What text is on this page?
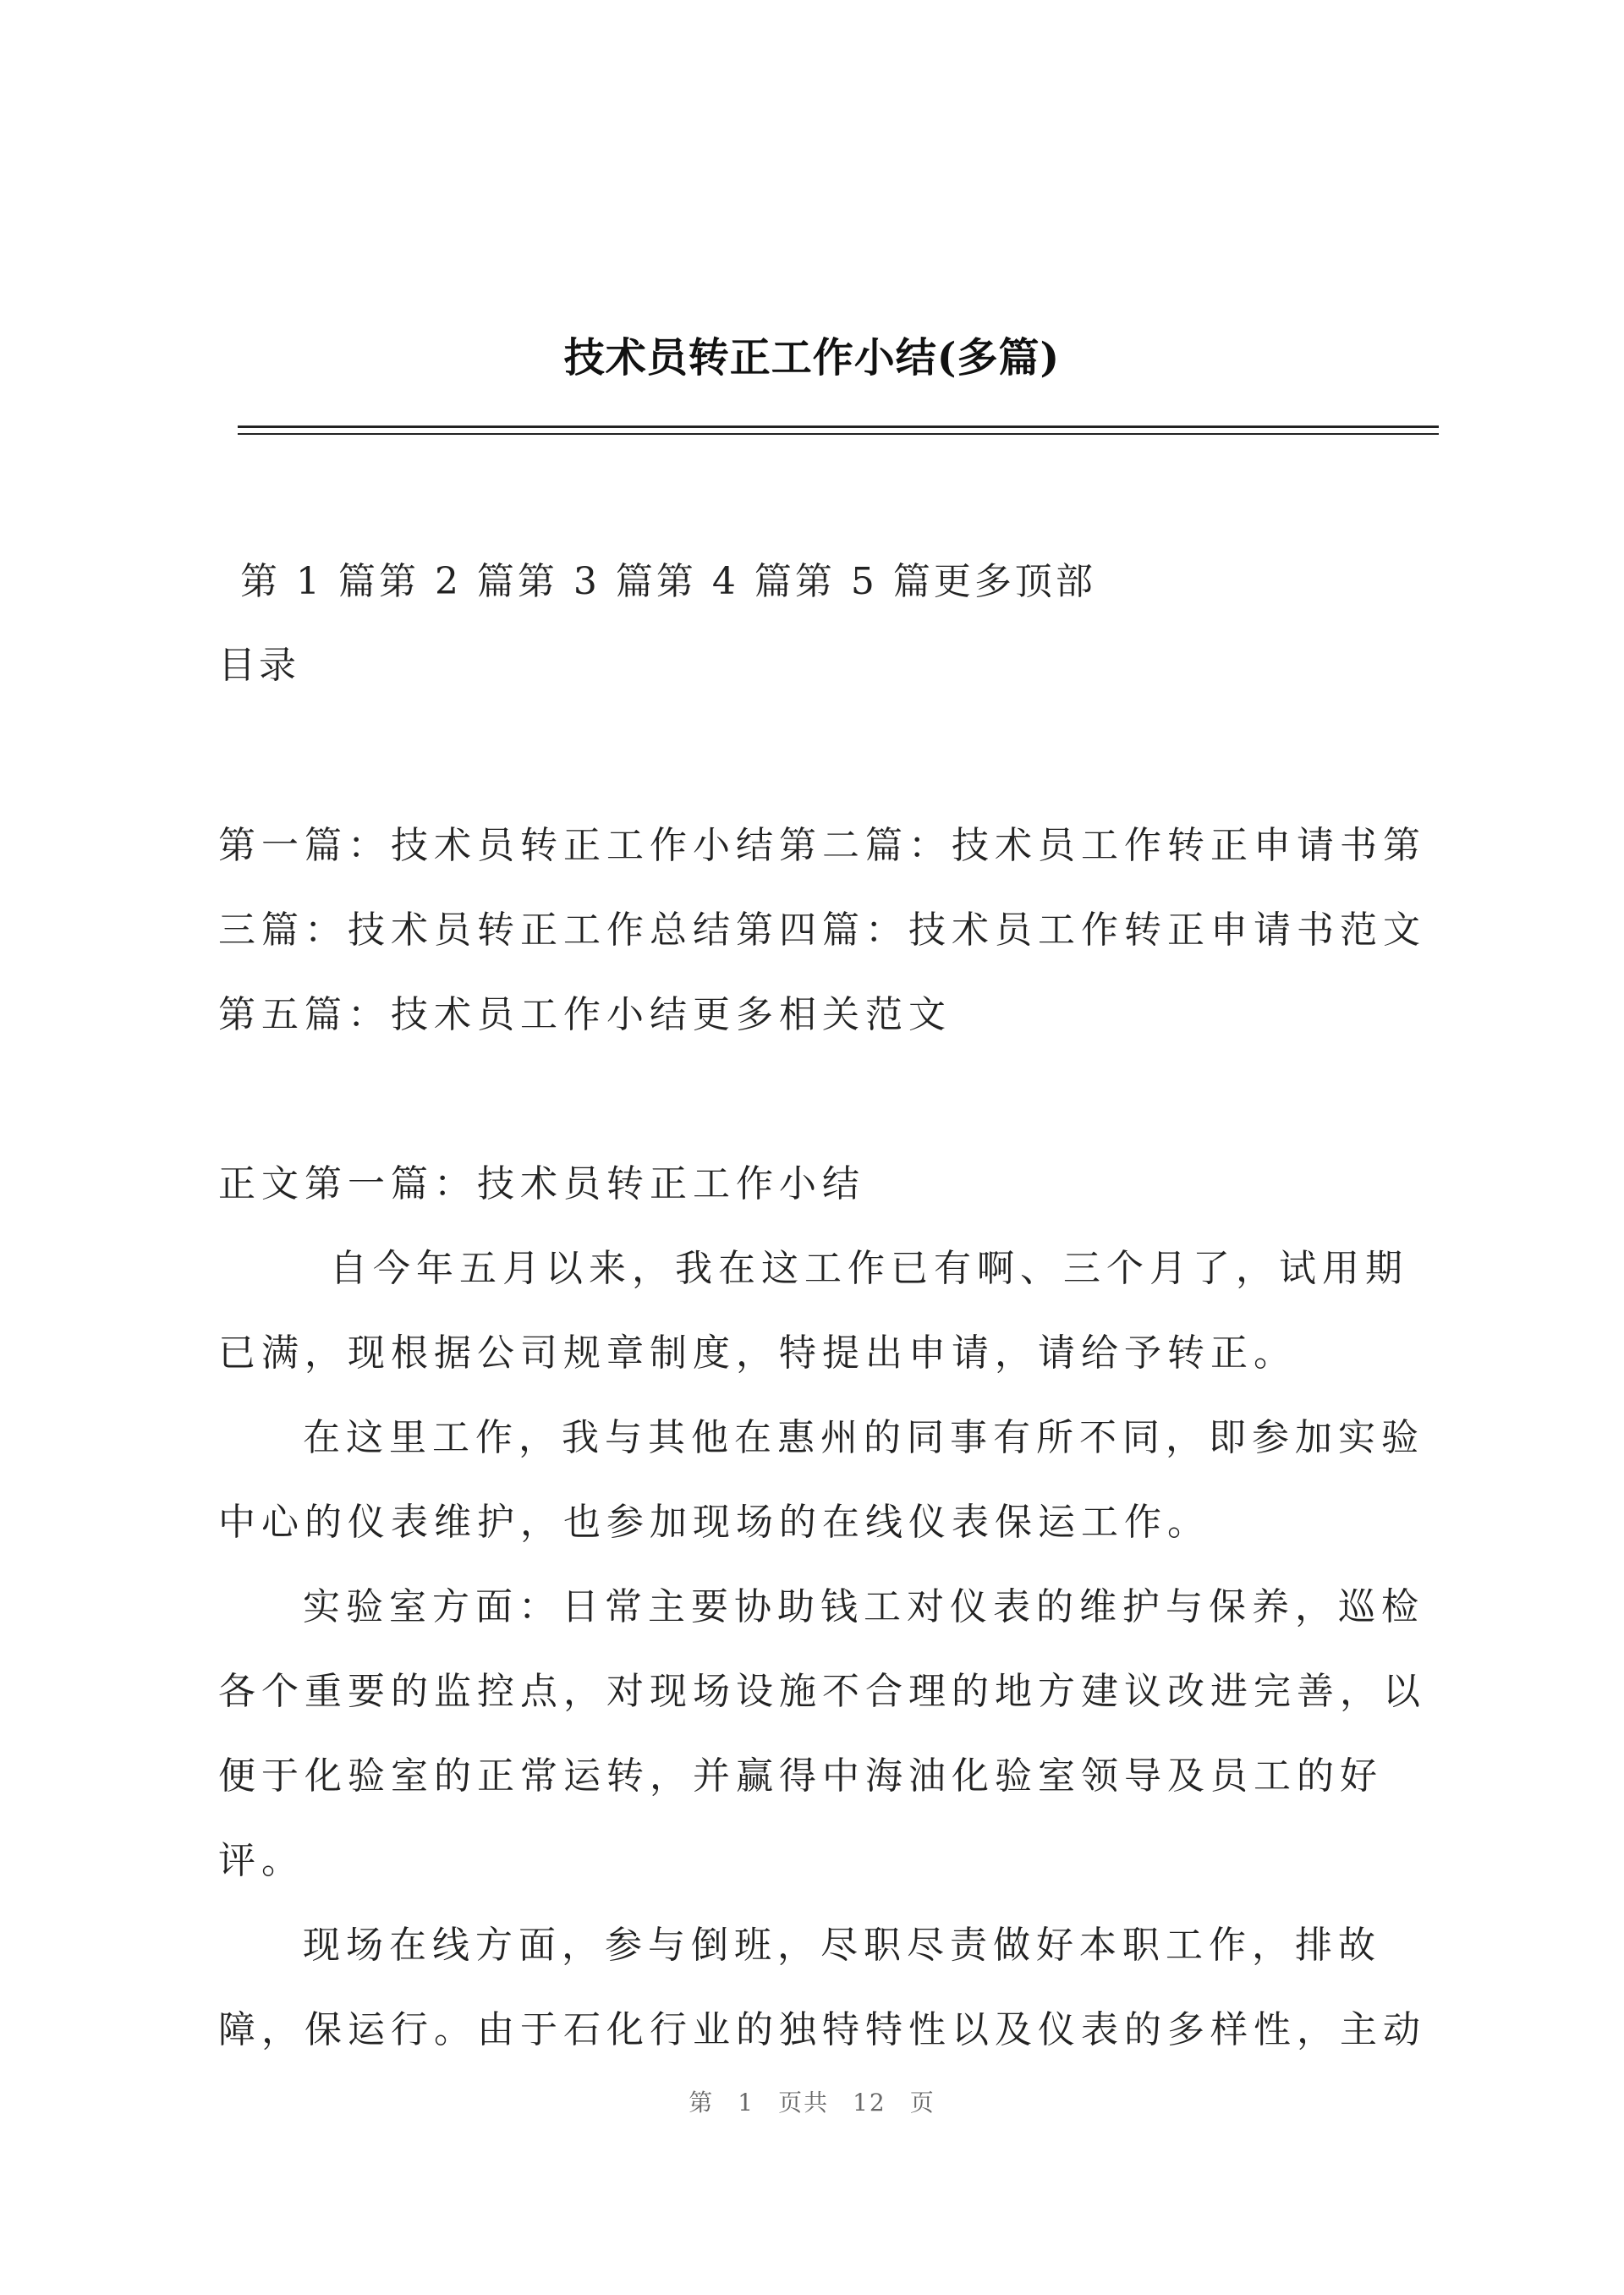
技术员转正工作小结(多篇)
第 1 篇第 2 篇第 3 篇第 4 篇第 5 篇更多顶部
目录
第一篇：技术员转正工作小结第二篇：技术员工作转正申请书第
三篇：技术员转正工作总结第四篇：技术员工作转正申请书范文
第五篇：技术员工作小结更多相关范文
正文第一篇：技术员转正工作小结
自今年五月以来，我在这工作已有啊、三个月了，试用期
已满，现根据公司规章制度，特提出申请，请给予转正。
在这里工作，我与其他在惠州的同事有所不同，即参加实验
中心的仪表维护，也参加现场的在线仪表保运工作。
实验室方面：日常主要协助钱工对仪表的维护与保养，巡检
各个重要的监控点，对现场设施不合理的地方建议改进完善，以
便于化验室的正常运转，并赢得中海油化验室领导及员工的好
评。
现场在线方面，参与倒班，尽职尽责做好本职工作，排故
障，保运行。由于石化行业的独特特性以及仪表的多样性，主动
第 1 页共 12 页
